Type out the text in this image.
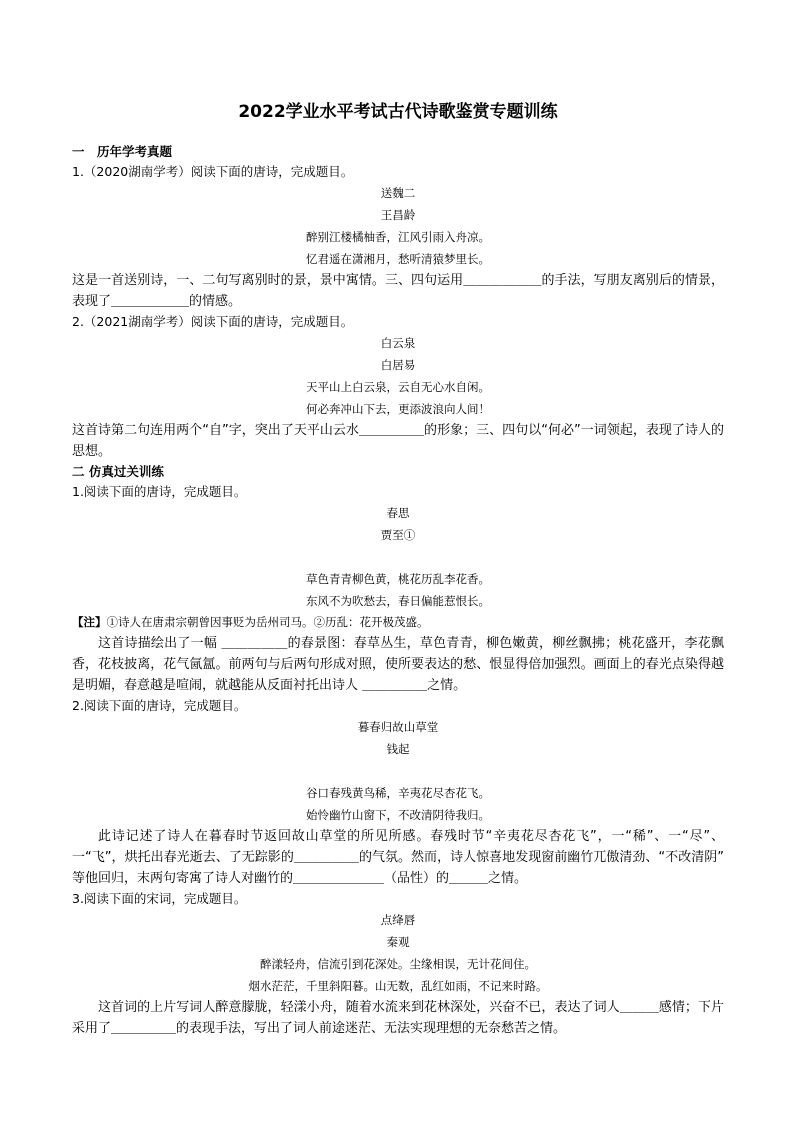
2022学业水平考试古代诗歌鉴赏专题训练
一　历年学考真题
1.（2020湖南学考）阅读下面的唐诗，完成题目。
送魏二
王昌龄
醉别江楼橘柚香，江风引雨入舟凉。
忆君遥在潇湘月，愁听清猿梦里长。
这是一首送别诗，一、二句写离别时的景，景中寓情。三、四句运用＿＿＿＿＿＿的手法，写朋友离别后的情景，表现了＿＿＿＿＿＿的情感。
2.（2021湖南学考）阅读下面的唐诗，完成题目。
白云泉
白居易
天平山上白云泉，云自无心水自闲。
何必奔冲山下去，更添波浪向人间！
这首诗第二句连用两个“自”字，突出了天平山云水＿＿＿＿＿的形象；三、四句以“何必”一词领起，表现了诗人的思想。
二 仿真过关训练
1.阅读下面的唐诗，完成题目。
春思
贾至①
草色青青柳色黄，桃花历乱李花香。
东风不为吹愁去，春日偏能惹恨长。
【注】①诗人在唐肃宗朝曾因事贬为岳州司马。②历乱：花开极茂盛。
这首诗描绘出了一幅 ＿＿＿＿＿的春景图：春草丛生，草色青青，柳色嫩黄，柳丝飘拂；桃花盛开，李花飘香，花枝披离，花气氤氲。前两句与后两句形成对照，使所要表达的愁、恨显得倍加强烈。画面上的春光点染得越是明媚，春意越是喧闹，就越能从反面衬托出诗人 ＿＿＿＿＿之情。
2.阅读下面的唐诗，完成题目。
暮春归故山草堂
钱起
谷口春残黄鸟稀，辛夷花尽杏花飞。
始怜幽竹山窗下，不改清阴待我归。
此诗记述了诗人在暮春时节返回故山草堂的所见所感。春残时节“辛夷花尽杏花飞”，一“稀”、一“尽”、一“飞”，烘托出春光逝去、了无踪影的＿＿＿＿＿的气氛。然而，诗人惊喜地发现窗前幽竹兀傲清劲、“不改清阴” 等他回归，末两句寄寓了诗人对幽竹的＿＿＿＿＿＿＿（品性）的＿＿＿之情。
3.阅读下面的宋词，完成题目。
点绛唇
秦观
醉漾轻舟，信流引到花深处。尘缘相误，无计花间住。
烟水茫茫，千里斜阳暮。山无数，乱红如雨，不记来时路。
这首词的上片写词人醉意朦胧，轻漾小舟，随着水流来到花林深处，兴奋不已，表达了词人＿＿＿感情；下片采用了＿＿＿＿＿的表现手法，写出了词人前途迷茫、无法实现理想的无奈愁苦之情。
